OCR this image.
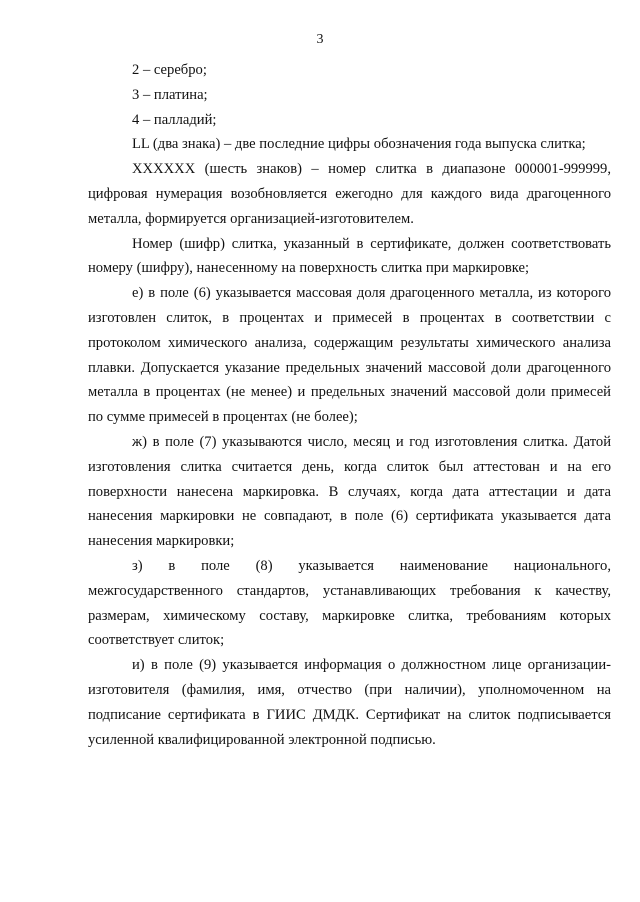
3

2 – серебро;

3 – платина;

4 – палладий;

LL (два знака) – две последние цифры обозначения года выпуска слитка;

XXXXXX (шесть знаков) – номер слитка в диапазоне 000001-999999, цифровая нумерация возобновляется ежегодно для каждого вида драгоценного металла, формируется организацией-изготовителем.

Номер (шифр) слитка, указанный в сертификате, должен соответствовать номеру (шифру), нанесенному на поверхность слитка при маркировке;

е) в поле (6) указывается массовая доля драгоценного металла, из которого изготовлен слиток, в процентах и примесей в процентах в соответствии с протоколом химического анализа, содержащим результаты химического анализа плавки. Допускается указание предельных значений массовой доли драгоценного металла в процентах (не менее) и предельных значений массовой доли примесей по сумме примесей в процентах (не более);

ж) в поле (7) указываются число, месяц и год изготовления слитка. Датой изготовления слитка считается день, когда слиток был аттестован и на его поверхности нанесена маркировка. В случаях, когда дата аттестации и дата нанесения маркировки не совпадают, в поле (6) сертификата указывается дата нанесения маркировки;

з) в поле (8) указывается наименование национального, межгосударственного стандартов, устанавливающих требования к качеству, размерам, химическому составу, маркировке слитка, требованиям которых соответствует слиток;

и) в поле (9) указывается информация о должностном лице организации-изготовителя (фамилия, имя, отчество (при наличии), уполномоченном на подписание сертификата в ГИИС ДМДК. Сертификат на слиток подписывается усиленной квалифицированной электронной подписью.
